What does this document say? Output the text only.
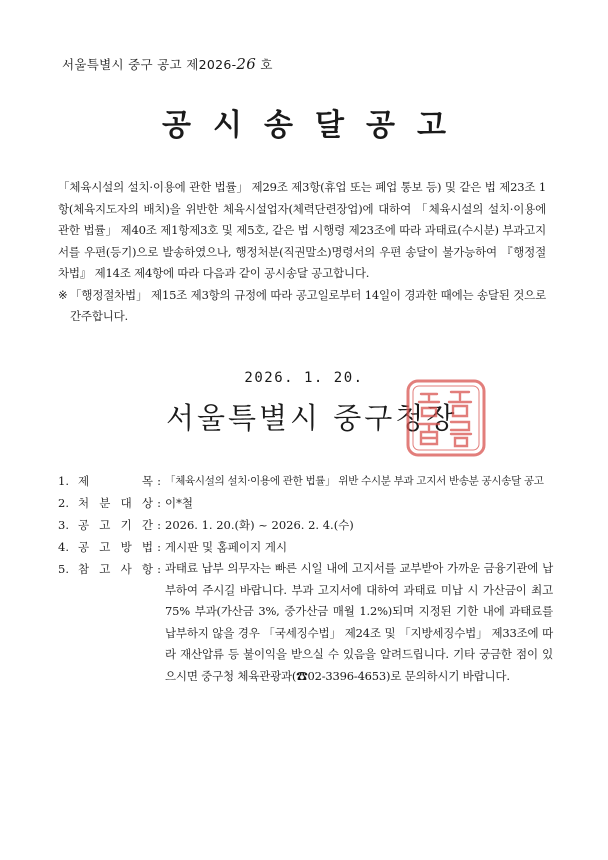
서울특별시 중구 공고 제2026-26 호
공시송달공고

「체육시설의 설치·이용에 관한 법률」 제29조 제3항(휴업 또는 폐업 통보 등) 및 같은 법 제23조 1항(체육지도자의 배치)을 위반한 체육시설업자(체력단련장업)에 대하여 「체육시설의 설치·이용에 관한 법률」 제40조 제1항제3호 및 제5호, 같은 법 시행령 제23조에 따라 과태료(수시분) 부과고지서를 우편(등기)으로 발송하였으나, 행정처분(직권말소)명령서의 우편 송달이 불가능하여 『행정절차법』 제14조 제4항에 따라 다음과 같이 공시송달 공고합니다.

※ 「행정절차법」 제15조 제3항의 규정에 따라 공고일로부터 14일이 경과한 때에는 송달된 것으로 간주합니다.
2026. 1. 20.
서울특별시 중구청장
1. 제	목 : 「체육시설의 설치·이용에 관한 법률」 위반 수시분 부과 고지서 반송분 공시송달 공고
2. 처 분 대 상 : 이*철
3. 공 고 기 간 : 2026. 1. 20.(화) ~ 2026. 2. 4.(수)
4. 공 고 방 법 : 게시판 및 홈페이지 게시
5. 참 고 사 항 : 과태료 납부 의무자는 빠른 시일 내에 고지서를 교부받아 가까운 금융기관에 납부하여 주시길 바랍니다. 부과 고지서에 대하여 과태료 미납 시 가산금이 최고 75% 부과(가산금 3%, 중가산금 매월 1.2%)되며 지정된 기한 내에 과태료를 납부하지 않을 경우 「국세징수법」 제24조 및 「지방세징수법」 제33조에 따라 재산압류 등 불이익을 받으실 수 있음을 알려드립니다. 기타 궁금한 점이 있으시면 중구청 체육관광과(☎02-3396-4653)로 문의하시기 바랍니다.
